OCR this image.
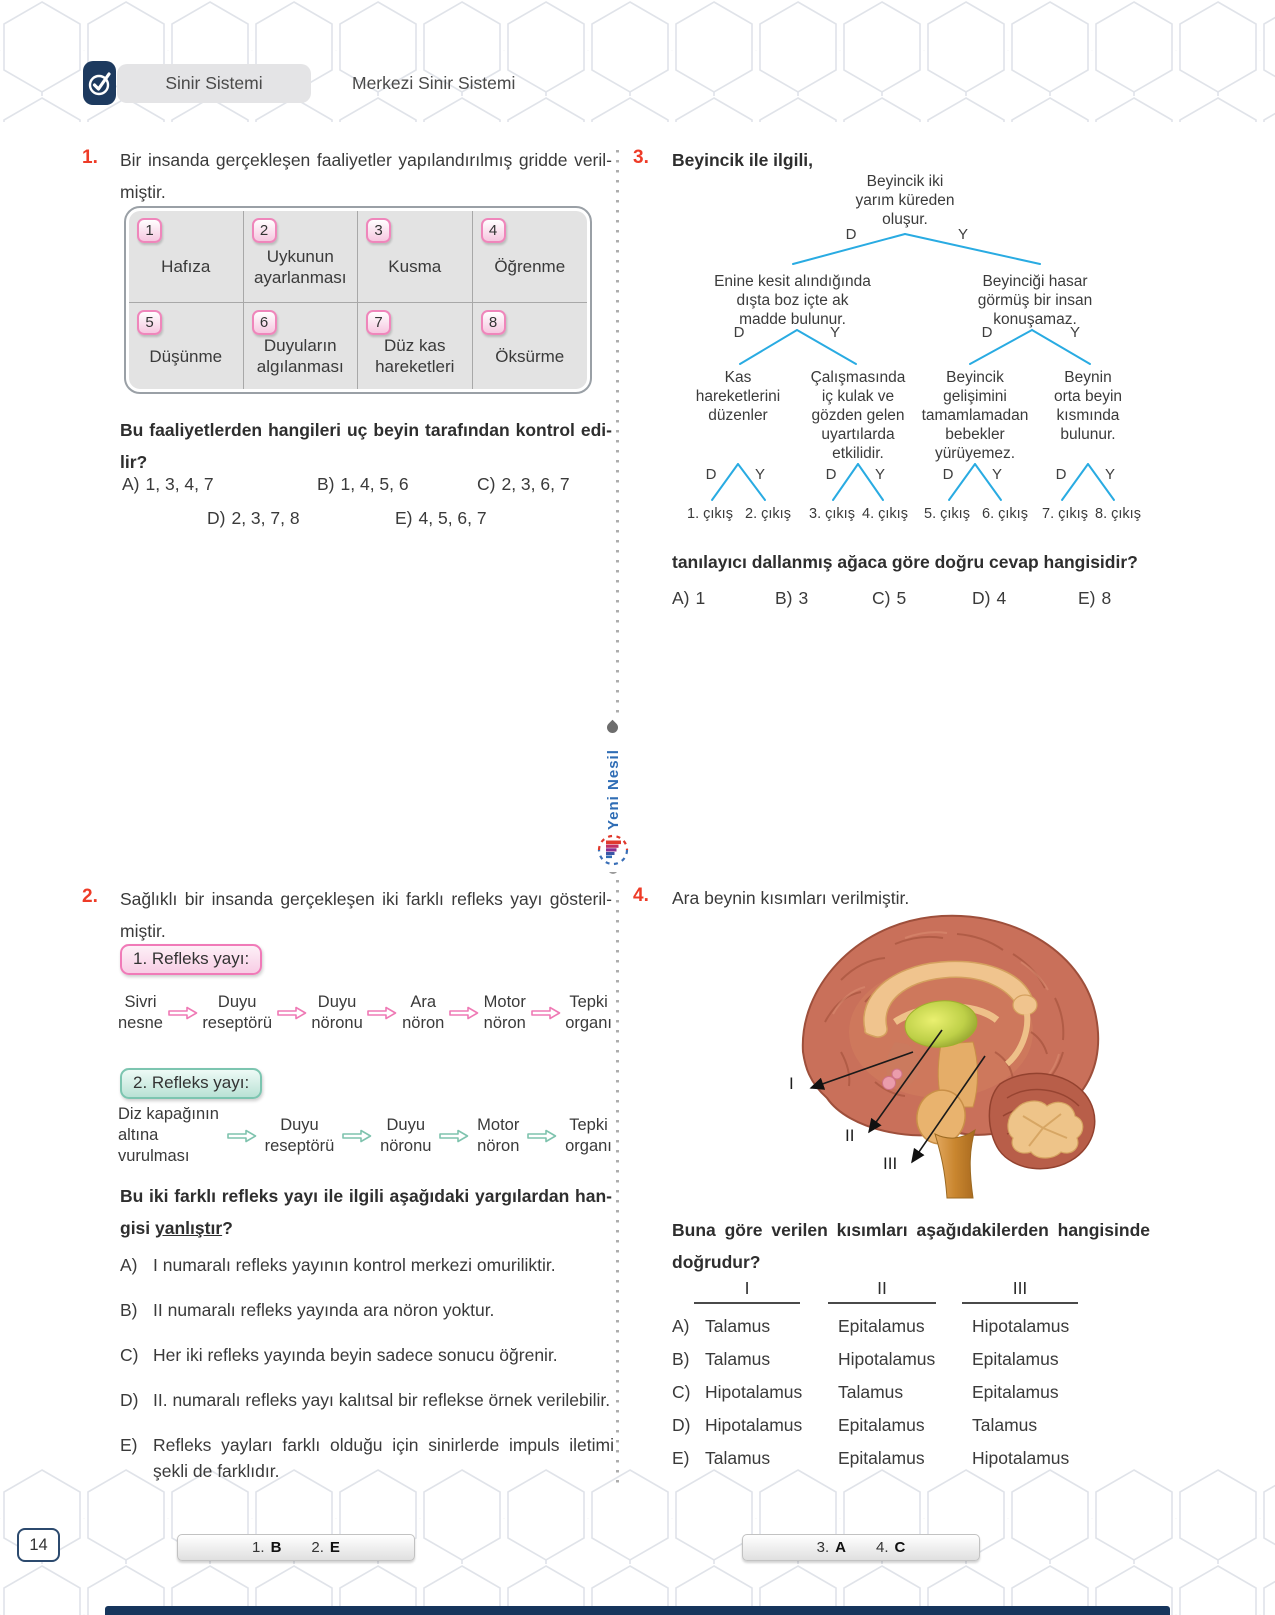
Sinir Sistemi	Merkezi Sinir Sistemi
Yeni Nesil
1. Bir insanda gerçekleşen faaliyetler yapılandırılmış gridde veril-
miştir.
1
Hafıza
2
Uykunun ayarlanması
3
Kusma
4
Öğrenme
5
Düşünme
6
Duyuların algılanması
7
Düz kas hareketleri
8
Öksürme
Bu faaliyetlerden hangileri uç beyin tarafından kontrol edi-
lir?
A) 1, 3, 4, 7	B) 1, 4, 5, 6	C) 2, 3, 6, 7
D) 2, 3, 7, 8	E) 4, 5, 6, 7
2. Sağlıklı bir insanda gerçekleşen iki farklı refleks yayı gösteril-
miştir.
1. Refleks yayı:
Sivri
nesne
Duyu
reseptörü
Duyu
nöronu
Ara
nöron
Motor
nöron
Tepki
organı
2. Refleks yayı:
Diz kapağının
altına
vurulması
Duyu
reseptörü
Duyu
nöronu
Motor
nöron
Tepki
organı
Bu iki farklı refleks yayı ile ilgili aşağıdaki yargılardan han-
gisi yanlıştır?
A) I numaralı refleks yayının kontrol merkezi omuriliktir.
B) II numaralı refleks yayında ara nöron yoktur.
C) Her iki refleks yayında beyin sadece sonucu öğrenir.
D) II. numaralı refleks yayı kalıtsal bir reflekse örnek verilebilir.
E) Refleks yayları farklı olduğu için sinirlerde impuls iletimi şekli de farklıdır.
3. Beyincik ile ilgili,
Beyincik iki
yarım küreden
oluşur.
D	Y
Enine kesit alındığında
dışta boz içte ak
madde bulunur.
Beyinciği hasar
görmüş bir insan
konuşamaz.
D	Y	D	Y
Kas
hareketlerini
düzenler
Çalışmasında
iç kulak ve
gözden gelen
uyartılarda
etkilidir.
Beyincik
gelişimini
tamamlamadan
bebekler
yürüyemez.
Beynin
orta beyin
kısmında
bulunur.
D	Y	D	Y	D	Y	D	Y
1. çıkış 2. çıkış 3. çıkış 4. çıkış 5. çıkış 6. çıkış 7. çıkış 8. çıkış
tanılayıcı dallanmış ağaca göre doğru cevap hangisidir?
A) 1	B) 3	C) 5	D) 4	E) 8
4. Ara beynin kısımları verilmiştir.
I
II
III
Buna göre verilen kısımları aşağıdakilerden hangisinde
doğrudur?
I	II	III
A) Talamus	Epitalamus	Hipotalamus
B) Talamus	Hipotalamus Epitalamus
C) Hipotalamus Talamus	Epitalamus
D) Hipotalamus Epitalamus	Talamus
E) Talamus	Epitalamus	Hipotalamus
14	1. B 2. E	3. A 4. C
